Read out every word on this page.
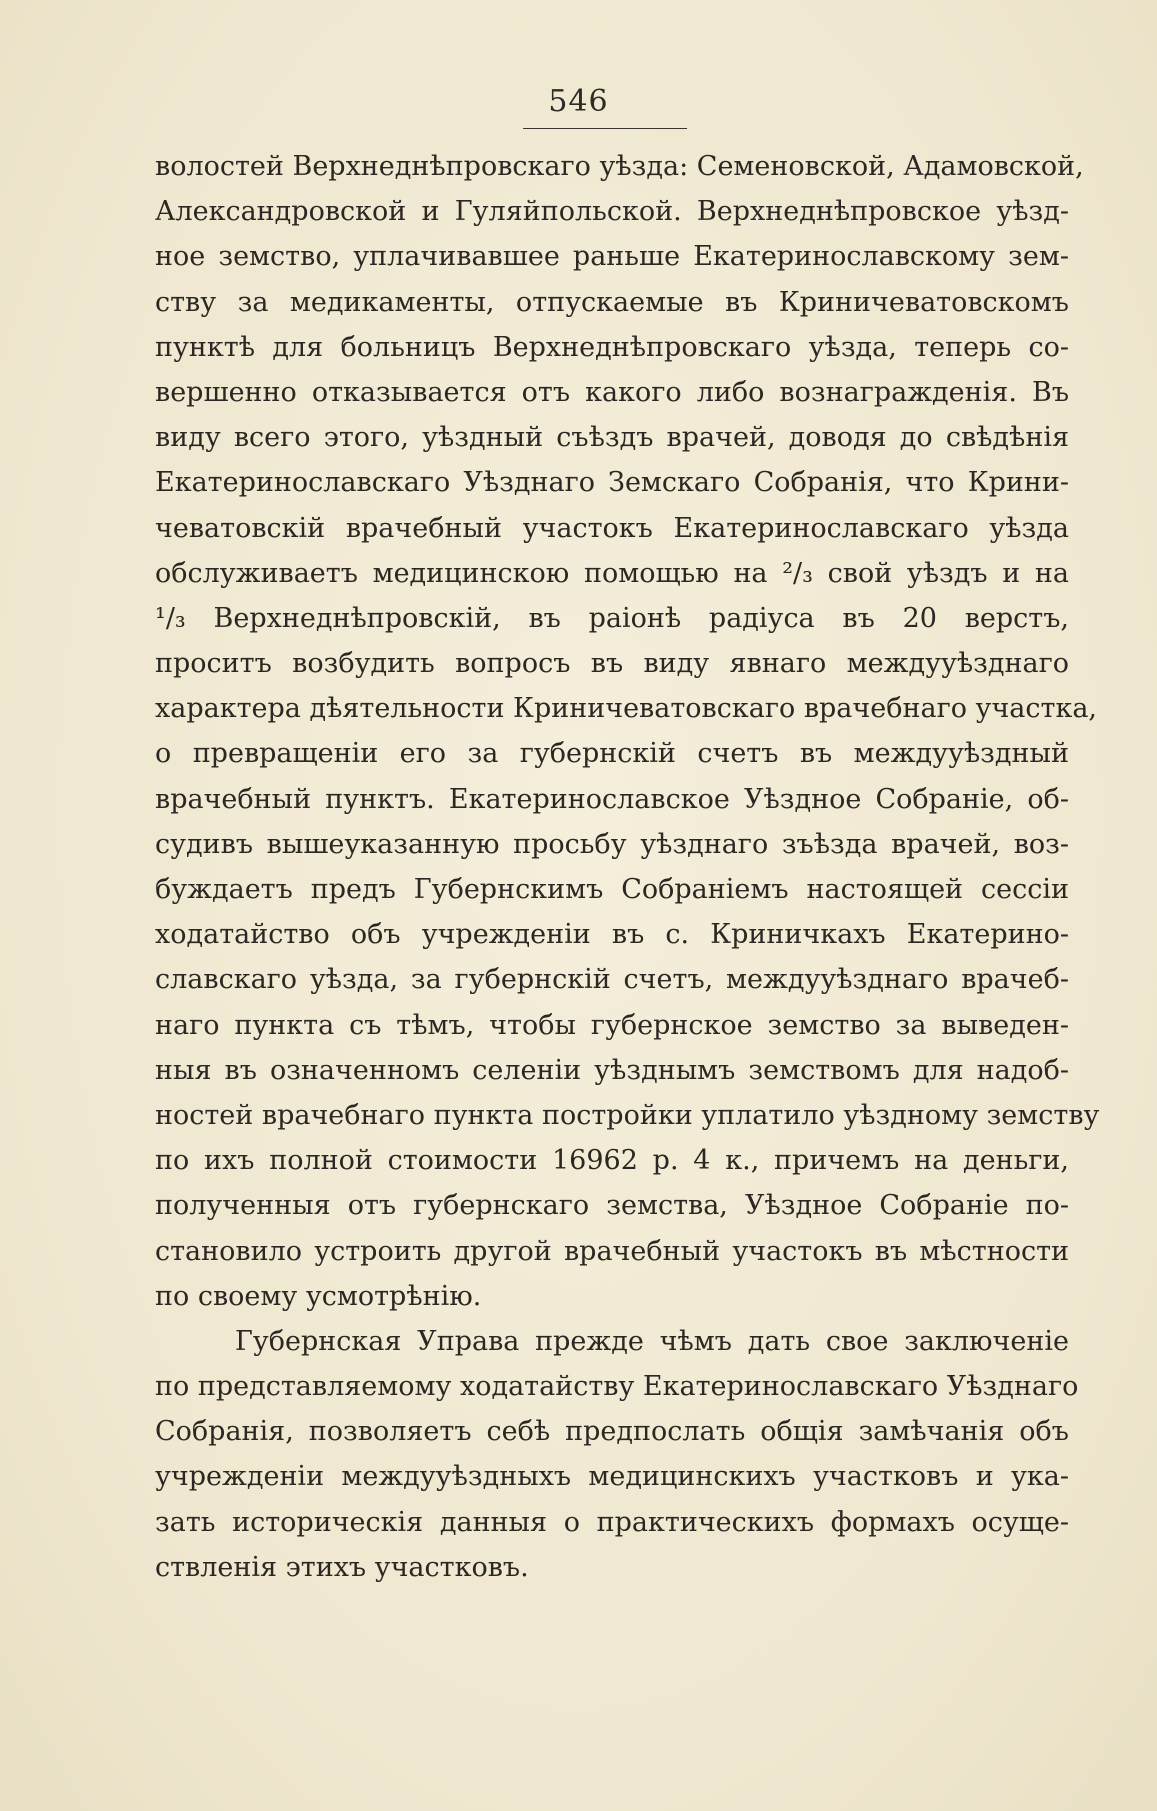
546
волостей Верхнеднѣпровскаго уѣзда: Семеновской, Адамовской,
Александровской и Гуляйпольской. Верхнеднѣпровское уѣзд-
ное земство, уплачивавшее раньше Екатеринославскому зем-
ству за медикаменты, отпускаемые въ Криничеватовскомъ
пунктѣ для больницъ Верхнеднѣпровскаго уѣзда, теперь со-
вершенно отказывается отъ какого либо вознагражденія. Въ
виду всего этого, уѣздный съѣздъ врачей, доводя до свѣдѣнія
Екатеринославскаго Уѣзднаго Земскаго Собранія, что Крини-
чеватовскій врачебный участокъ Екатеринославскаго уѣзда
обслуживаетъ медицинскою помощью на ²/₃ свой уѣздъ и на
¹/₃ Верхнеднѣпровскій, въ раіонѣ радіуса въ 20 верстъ,
проситъ возбудить вопросъ въ виду явнаго междууѣзднаго
характера дѣятельности Криничеватовскаго врачебнаго участка,
о превращеніи его за губернскій счетъ въ междууѣздный
врачебный пунктъ. Екатеринославское Уѣздное Собраніе, об-
судивъ вышеуказанную просьбу уѣзднаго зъѣзда врачей, воз-
буждаетъ предъ Губернскимъ Собраніемъ настоящей сессіи
ходатайство объ учрежденіи въ с. Криничкахъ Екатерино-
славскаго уѣзда, за губернскій счетъ, междууѣзднаго врачеб-
наго пункта съ тѣмъ, чтобы губернское земство за выведен-
ныя въ означенномъ селеніи уѣзднымъ земствомъ для надоб-
ностей врачебнаго пункта постройки уплатило уѣздному земству
по ихъ полной стоимости 16962 р. 4 к., причемъ на деньги,
полученныя отъ губернскаго земства, Уѣздное Собраніе по-
становило устроить другой врачебный участокъ въ мѣстности
по своему усмотрѣнію.
Губернская Управа прежде чѣмъ дать свое заключеніе
по представляемому ходатайству Екатеринославскаго Уѣзднаго
Собранія, позволяетъ себѣ предпослать общія замѣчанія объ
учрежденіи междууѣздныхъ медицинскихъ участковъ и ука-
зать историческія данныя о практическихъ формахъ осуще-
ствленія этихъ участковъ.
